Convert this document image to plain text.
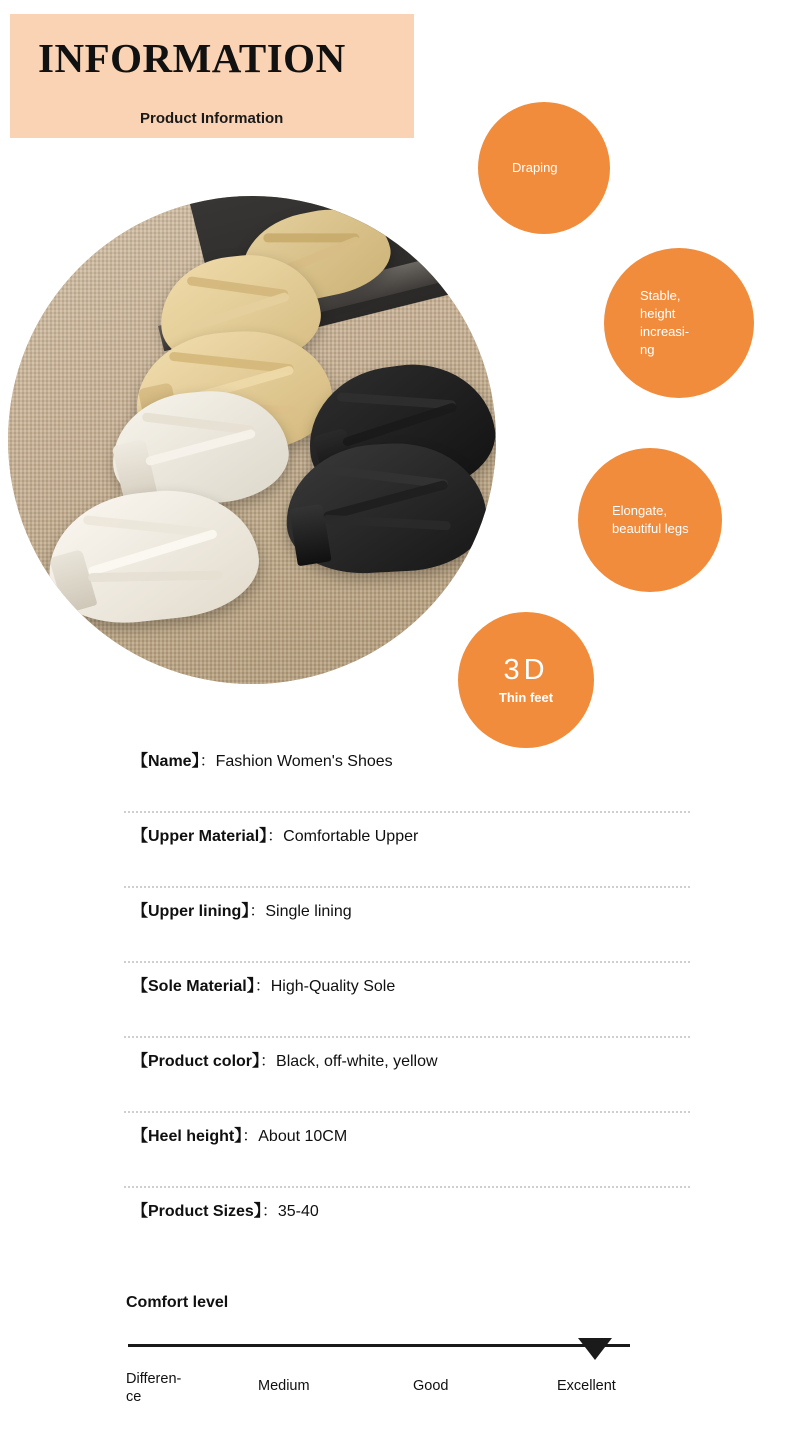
INFORMATION
Product Information
Draping
Stable, height increasi-ng
Elongate, beautiful legs
3D
Thin feet
【Name】：Fashion Women's Shoes
【Upper Material】：Comfortable Upper
【Upper lining】：Single lining
【Sole Material】：High-Quality Sole
【Product color】：Black, off-white, yellow
【Heel height】：About 10CM
【Product Sizes】：35-40
Comfort level
Differen-ce
Medium	Good	Excellent
